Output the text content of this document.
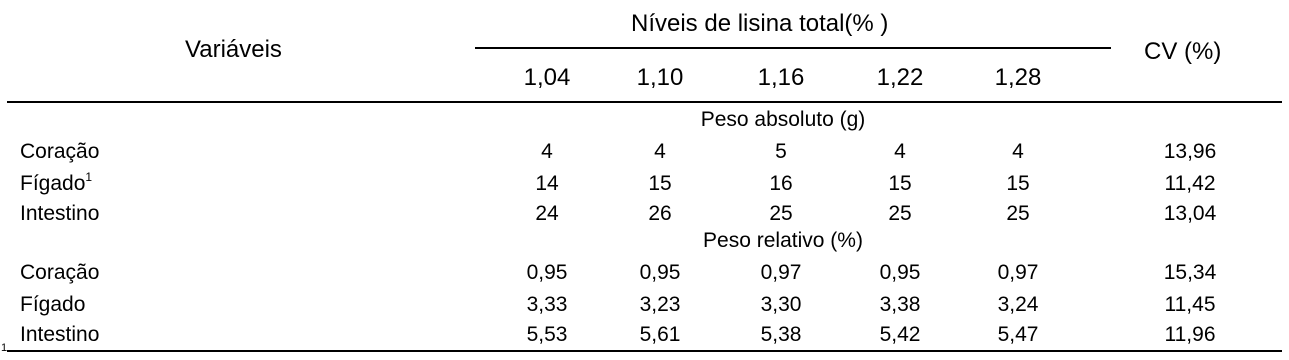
Variáveis
Níveis de lisina total(% )
CV (%)
1,04	1,10	1,16	1,22	1,28
Peso absoluto (g)
Coração	4	4	5	4	4	13,96
Fígado$^1$	14	15	16	15	15	11,42
Intestino	24	26	25	25	25	13,04
Peso relativo (%)
Coração	0,95	0,95	0,97	0,95	0,97	15,34
Fígado	3,33	3,23	3,30	3,38	3,24	11,45
Intestino	5,53	5,61	5,38	5,42	5,47	11,96
1
